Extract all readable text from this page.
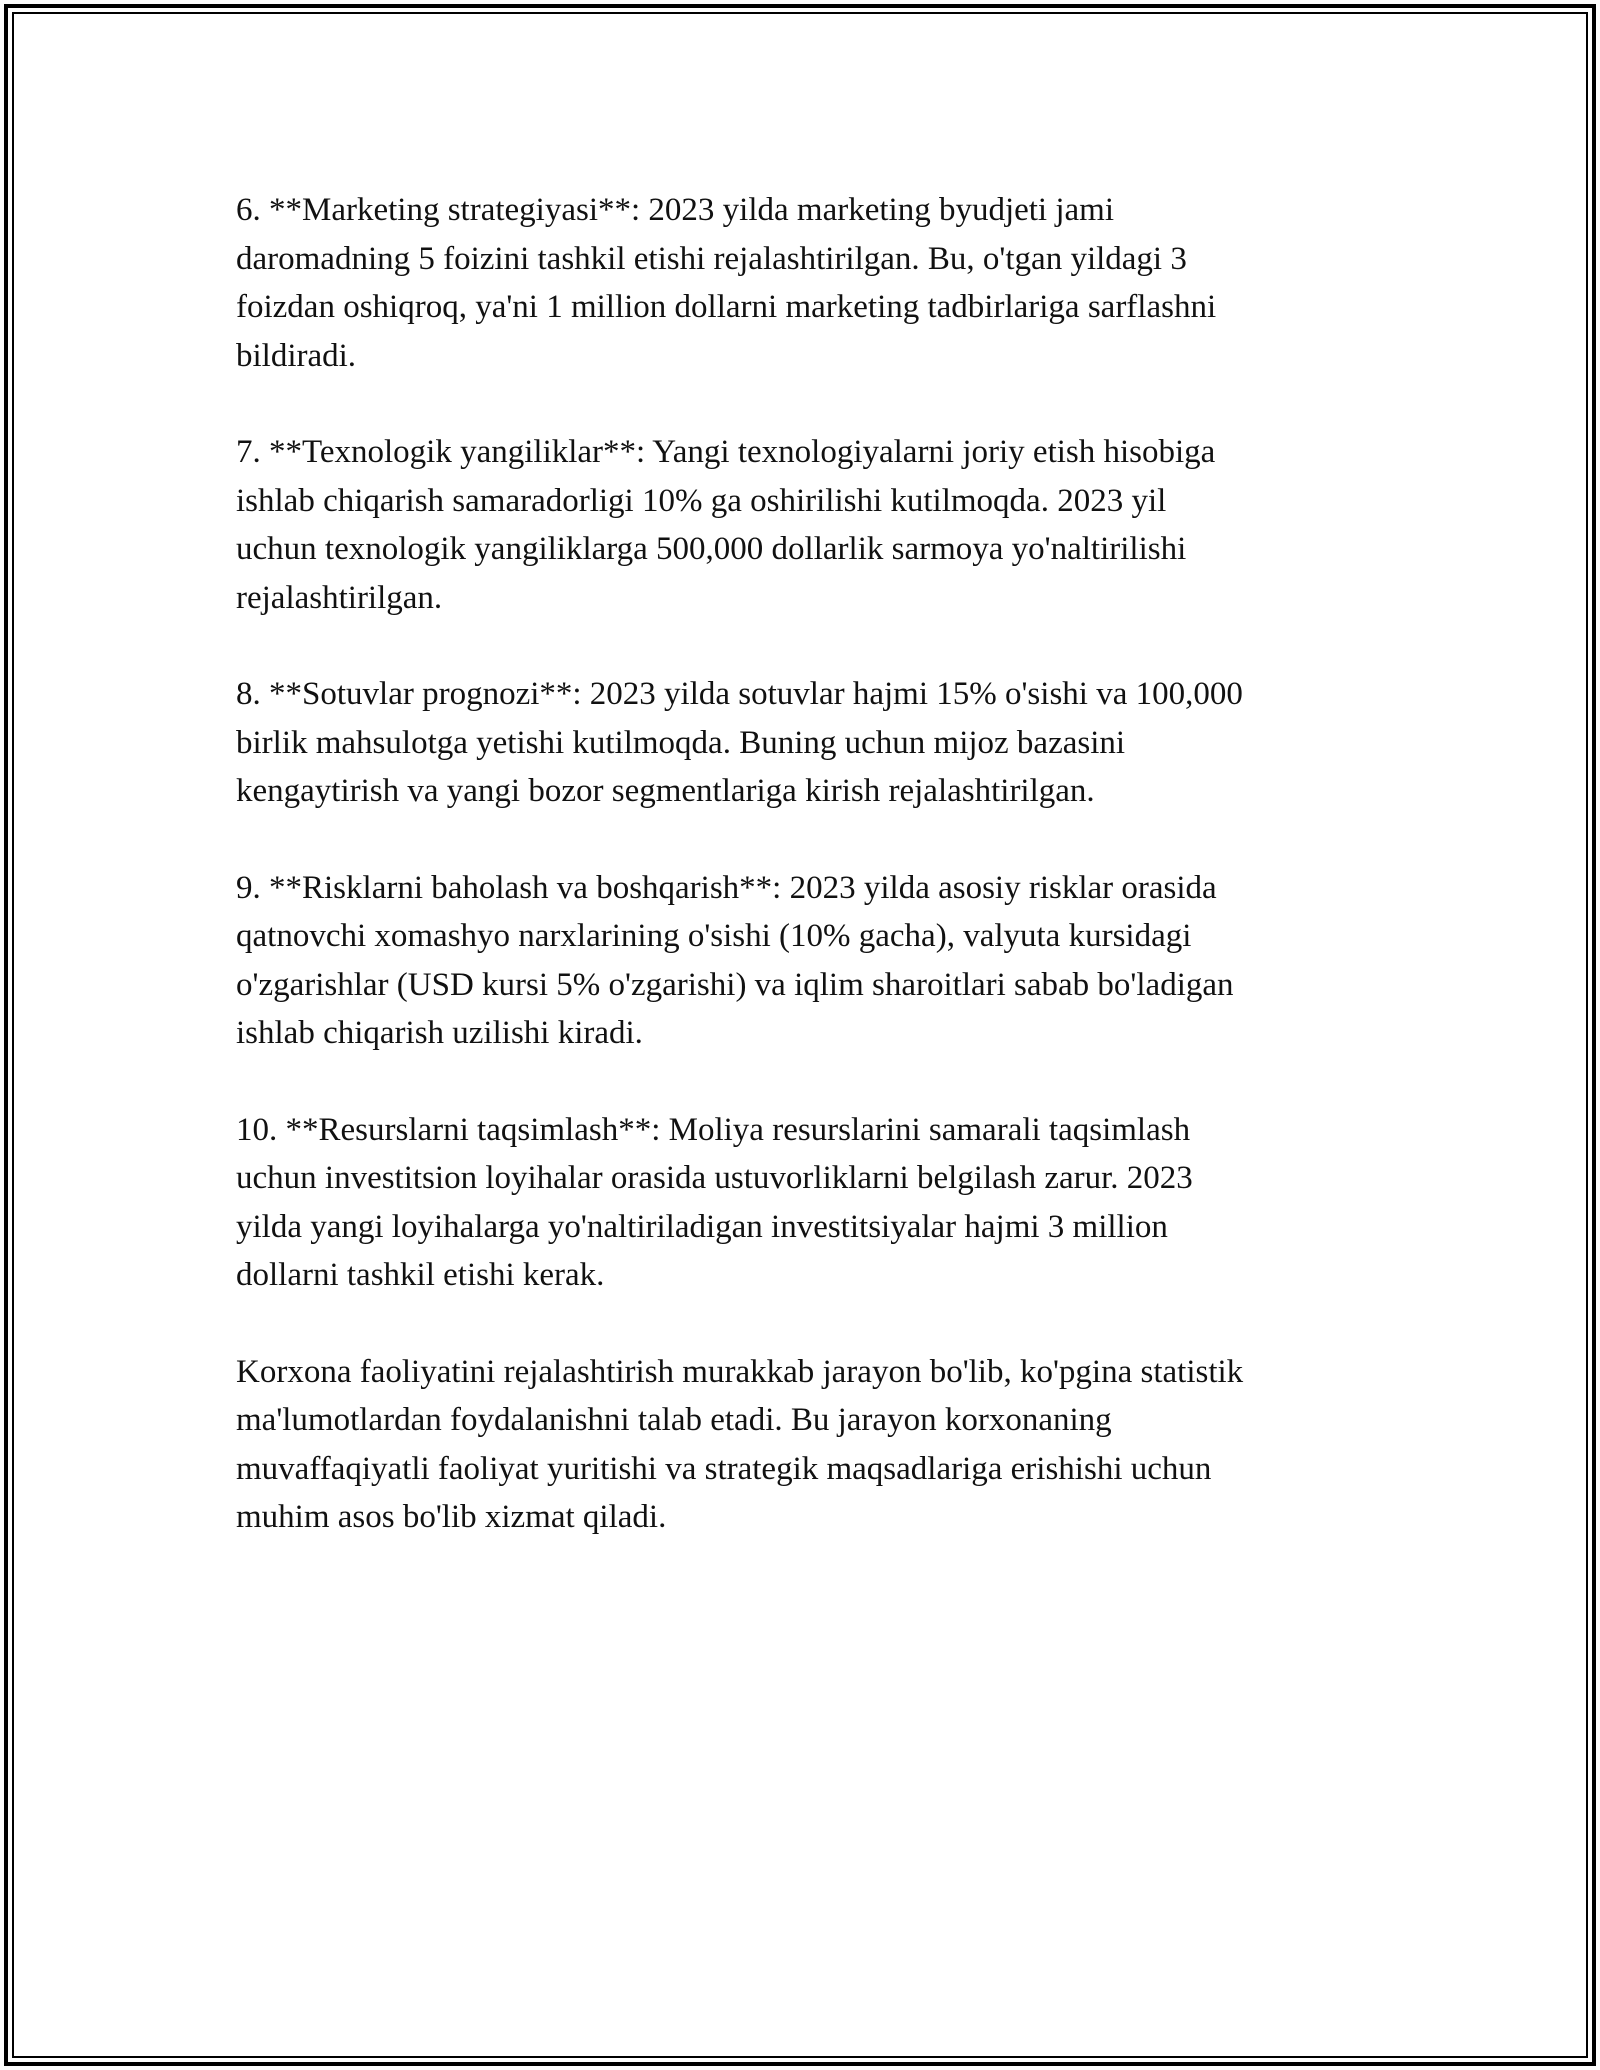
6. **Marketing strategiyasi**: 2023 yilda marketing byudjeti jami
daromadning 5 foizini tashkil etishi rejalashtirilgan. Bu, o'tgan yildagi 3
foizdan oshiqroq, ya'ni 1 million dollarni marketing tadbirlariga sarflashni
bildiradi.

7. **Texnologik yangiliklar**: Yangi texnologiyalarni joriy etish hisobiga
ishlab chiqarish samaradorligi 10% ga oshirilishi kutilmoqda. 2023 yil
uchun texnologik yangiliklarga 500,000 dollarlik sarmoya yo'naltirilishi
rejalashtirilgan.

8. **Sotuvlar prognozi**: 2023 yilda sotuvlar hajmi 15% o'sishi va 100,000
birlik mahsulotga yetishi kutilmoqda. Buning uchun mijoz bazasini
kengaytirish va yangi bozor segmentlariga kirish rejalashtirilgan.

9. **Risklarni baholash va boshqarish**: 2023 yilda asosiy risklar orasida
qatnovchi xomashyo narxlarining o'sishi (10% gacha), valyuta kursidagi
o'zgarishlar (USD kursi 5% o'zgarishi) va iqlim sharoitlari sabab bo'ladigan
ishlab chiqarish uzilishi kiradi.

10. **Resurslarni taqsimlash**: Moliya resurslarini samarali taqsimlash
uchun investitsion loyihalar orasida ustuvorliklarni belgilash zarur. 2023
yilda yangi loyihalarga yo'naltiriladigan investitsiyalar hajmi 3 million
dollarni tashkil etishi kerak.

Korxona faoliyatini rejalashtirish murakkab jarayon bo'lib, ko'pgina statistik
ma'lumotlardan foydalanishni talab etadi. Bu jarayon korxonaning
muvaffaqiyatli faoliyat yuritishi va strategik maqsadlariga erishishi uchun
muhim asos bo'lib xizmat qiladi.
